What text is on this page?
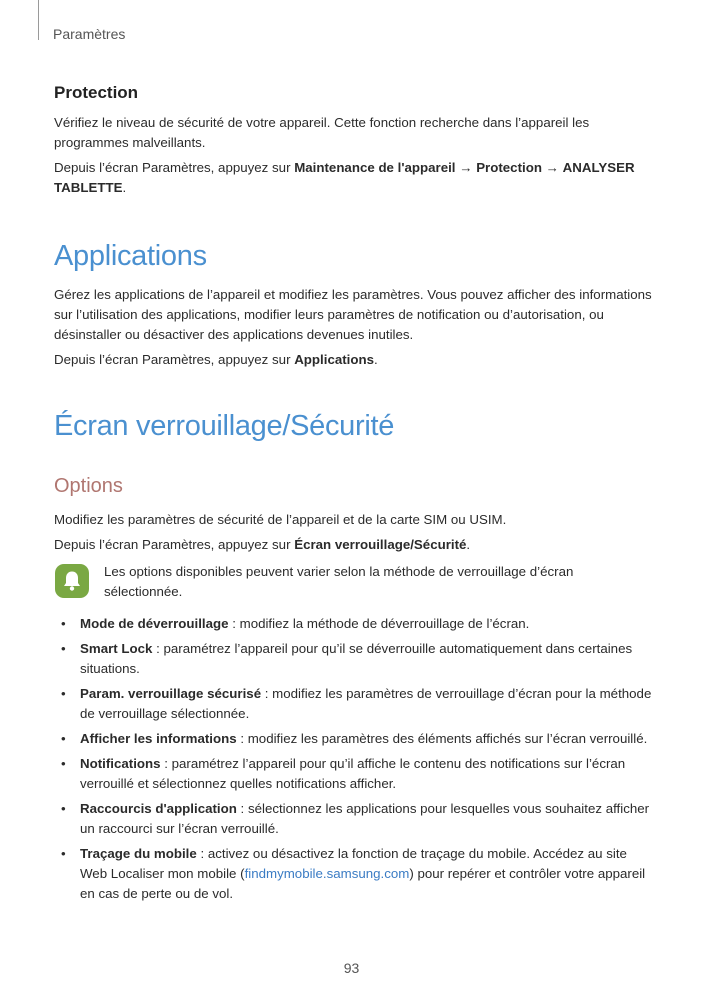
Paramètres
Protection

Vérifiez le niveau de sécurité de votre appareil. Cette fonction recherche dans l’appareil les programmes malveillants.

Depuis l’écran Paramètres, appuyez sur Maintenance de l'appareil → Protection → ANALYSER TABLETTE.

Applications

Gérez les applications de l’appareil et modifiez les paramètres. Vous pouvez afficher des informations sur l’utilisation des applications, modifier leurs paramètres de notification ou d’autorisation, ou désinstaller ou désactiver des applications devenues inutiles.

Depuis l’écran Paramètres, appuyez sur Applications.

Écran verrouillage/Sécurité
Options

Modifiez les paramètres de sécurité de l’appareil et de la carte SIM ou USIM.

Depuis l’écran Paramètres, appuyez sur Écran verrouillage/Sécurité.

Les options disponibles peuvent varier selon la méthode de verrouillage d’écran sélectionnée.
• Mode de déverrouillage : modifiez la méthode de déverrouillage de l’écran.
• Smart Lock : paramétrez l’appareil pour qu’il se déverrouille automatiquement dans certaines situations.
• Param. verrouillage sécurisé : modifiez les paramètres de verrouillage d’écran pour la méthode de verrouillage sélectionnée.
• Afficher les informations : modifiez les paramètres des éléments affichés sur l’écran verrouillé.
• Notifications : paramétrez l’appareil pour qu’il affiche le contenu des notifications sur l’écran verrouillé et sélectionnez quelles notifications afficher.
• Raccourcis d'application : sélectionnez les applications pour lesquelles vous souhaitez afficher un raccourci sur l’écran verrouillé.
• Traçage du mobile : activez ou désactivez la fonction de traçage du mobile. Accédez au site Web Localiser mon mobile (findmymobile.samsung.com) pour repérer et contrôler votre appareil en cas de perte ou de vol.
93
